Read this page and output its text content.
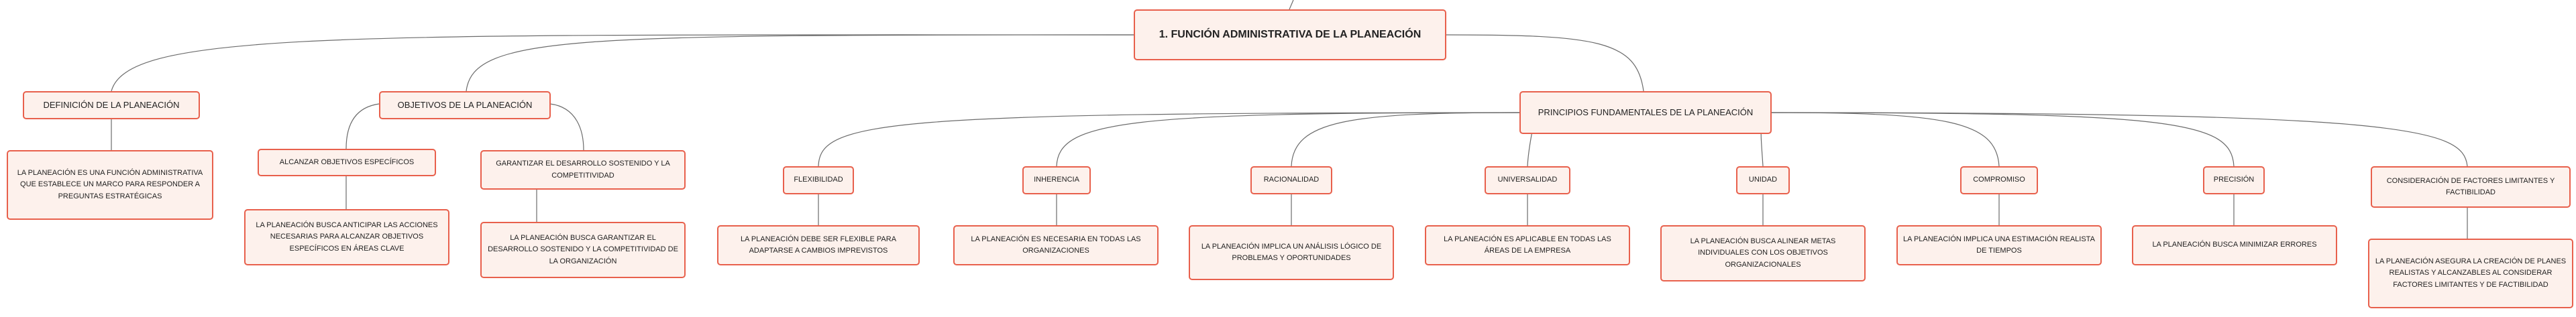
1. FUNCIÓN ADMINISTRATIVA DE LA PLANEACIÓN
DEFINICIÓN DE LA PLANEACIÓN	OBJETIVOS DE LA PLANEACIÓN
PRINCIPIOS FUNDAMENTALES DE LA PLANEACIÓN
LA PLANEACIÓN ES UNA FUNCIÓN ADMINISTRATIVA QUE ESTABLECE UN MARCO PARA RESPONDER A PREGUNTAS ESTRATÉGICAS
ALCANZAR OBJETIVOS ESPECÍFICOS	GARANTIZAR EL DESARROLLO SOSTENIDO Y LA COMPETITIVIDAD
LA PLANEACIÓN BUSCA ANTICIPAR LAS ACCIONES NECESARIAS PARA ALCANZAR OBJETIVOS ESPECÍFICOS EN ÁREAS CLAVE
LA PLANEACIÓN BUSCA GARANTIZAR EL DESARROLLO SOSTENIDO Y LA COMPETITIVIDAD DE LA ORGANIZACIÓN
FLEXIBILIDAD	INHERENCIA	RACIONALIDAD	UNIVERSALIDAD	UNIDAD	COMPROMISO	PRECISIÓN	CONSIDERACIÓN DE FACTORES LIMITANTES Y FACTIBILIDAD
LA PLANEACIÓN DEBE SER FLEXIBLE PARA ADAPTARSE A CAMBIOS IMPREVISTOS
LA PLANEACIÓN ES NECESARIA EN TODAS LAS ORGANIZACIONES
LA PLANEACIÓN IMPLICA UN ANÁLISIS LÓGICO DE PROBLEMAS Y OPORTUNIDADES
LA PLANEACIÓN ES APLICABLE EN TODAS LAS ÁREAS DE LA EMPRESA
LA PLANEACIÓN BUSCA ALINEAR METAS INDIVIDUALES CON LOS OBJETIVOS ORGANIZACIONALES
LA PLANEACIÓN IMPLICA UNA ESTIMACIÓN REALISTA DE TIEMPOS
LA PLANEACIÓN BUSCA MINIMIZAR ERRORES
LA PLANEACIÓN ASEGURA LA CREACIÓN DE PLANES REALISTAS Y ALCANZABLES AL CONSIDERAR FACTORES LIMITANTES Y DE FACTIBILIDAD
